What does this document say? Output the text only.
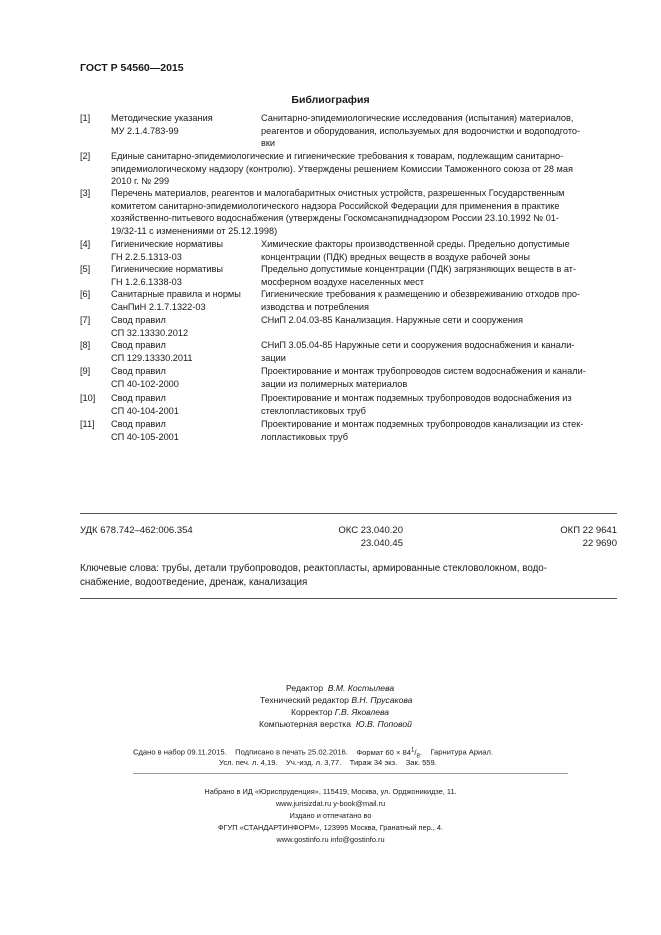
ГОСТ Р 54560—2015
Библиография
[1] Методические указания
МУ 2.1.4.783-99
Санитарно-эпидемиологические исследования (испытания) материалов,
реагентов и оборудования, используемых для водоочистки и водоподгото-
вки
[2] Единые санитарно-эпидемиологические и гигиенические требования к товарам, подлежащим санитарно-
эпидемиологическому надзору (контролю). Утверждены решением Комиссии Таможенного союза от 28 мая
2010 г. № 299
[3] Перечень материалов, реагентов и малогабаритных очистных устройств, разрешенных Государственным
комитетом санитарно-эпидемиологического надзора Российской Федерации для применения в практике
хозяйственно-питьевого водоснабжения (утверждены Госкомсанэпиднадзором России 23.10.1992 № 01-
19/32-11 с изменениями от 25.12.1998)
[4] Гигиенические нормативы
ГН 2.2.5.1313-03
Химические факторы производственной среды. Предельно допустимые
концентрации (ПДК) вредных веществ в воздухе рабочей зоны
[5] Гигиенические нормативы
ГН 1.2.6.1338-03
Предельно допустимые концентрации (ПДК) загрязняющих веществ в ат-
мосферном воздухе населенных мест
[6] Санитарные правила и нормы
СанПиН 2.1.7.1322-03
Гигиенические требования к размещению и обезвреживанию отходов про-
изводства и потребления
[7] Свод правил
СП 32.13330.2012
СНиП 2.04.03-85 Канализация. Наружные сети и сооружения
[8] Свод правил
СП 129.13330.2011
СНиП 3.05.04-85 Наружные сети и сооружения водоснабжения и канали-
зации
[9] Свод правил
СП 40-102-2000
Проектирование и монтаж трубопроводов систем водоснабжения и канали-
зации из полимерных материалов
[10] Свод правил
СП 40-104-2001
Проектирование и монтаж подземных трубопроводов водоснабжения из
стеклопластиковых труб
[11] Свод правил
СП 40-105-2001
Проектирование и монтаж подземных трубопроводов канализации из стек-
лопластиковых труб
УДК 678.742–462:006.354	ОКС 23.040.20
23.040.45
ОКП 22 9641
22 9690
Ключевые слова: трубы, детали трубопроводов, реактопласты, армированные стекловолокном, водо-
снабжение, водоотведение, дренаж, канализация
Редактор В.М. Костылева
Технический редактор В.Н. Прусакова
Корректор Г.В. Яковлева
Компьютерная верстка Ю.В. Поповой
Сдано в набор 09.11.2015. Подписано в печать 25.02.2016. Формат $60 \times 84^1/_8$. Гарнитура Ариал.
Усл. печ. л. 4,19. Уч.-изд. л. 3,77. Тираж 34 экз. Зак. 559.
Набрано в ИД «Юриспруденция», 115419, Москва, ул. Орджоникидзе, 11.
www.jurisizdat.ru y-book@mail.ru
Издано и отпечатано во
ФГУП «СТАНДАРТИНФОРМ», 123995 Москва, Гранатный пер., 4.
www.gostinfo.ru info@gostinfo.ru
